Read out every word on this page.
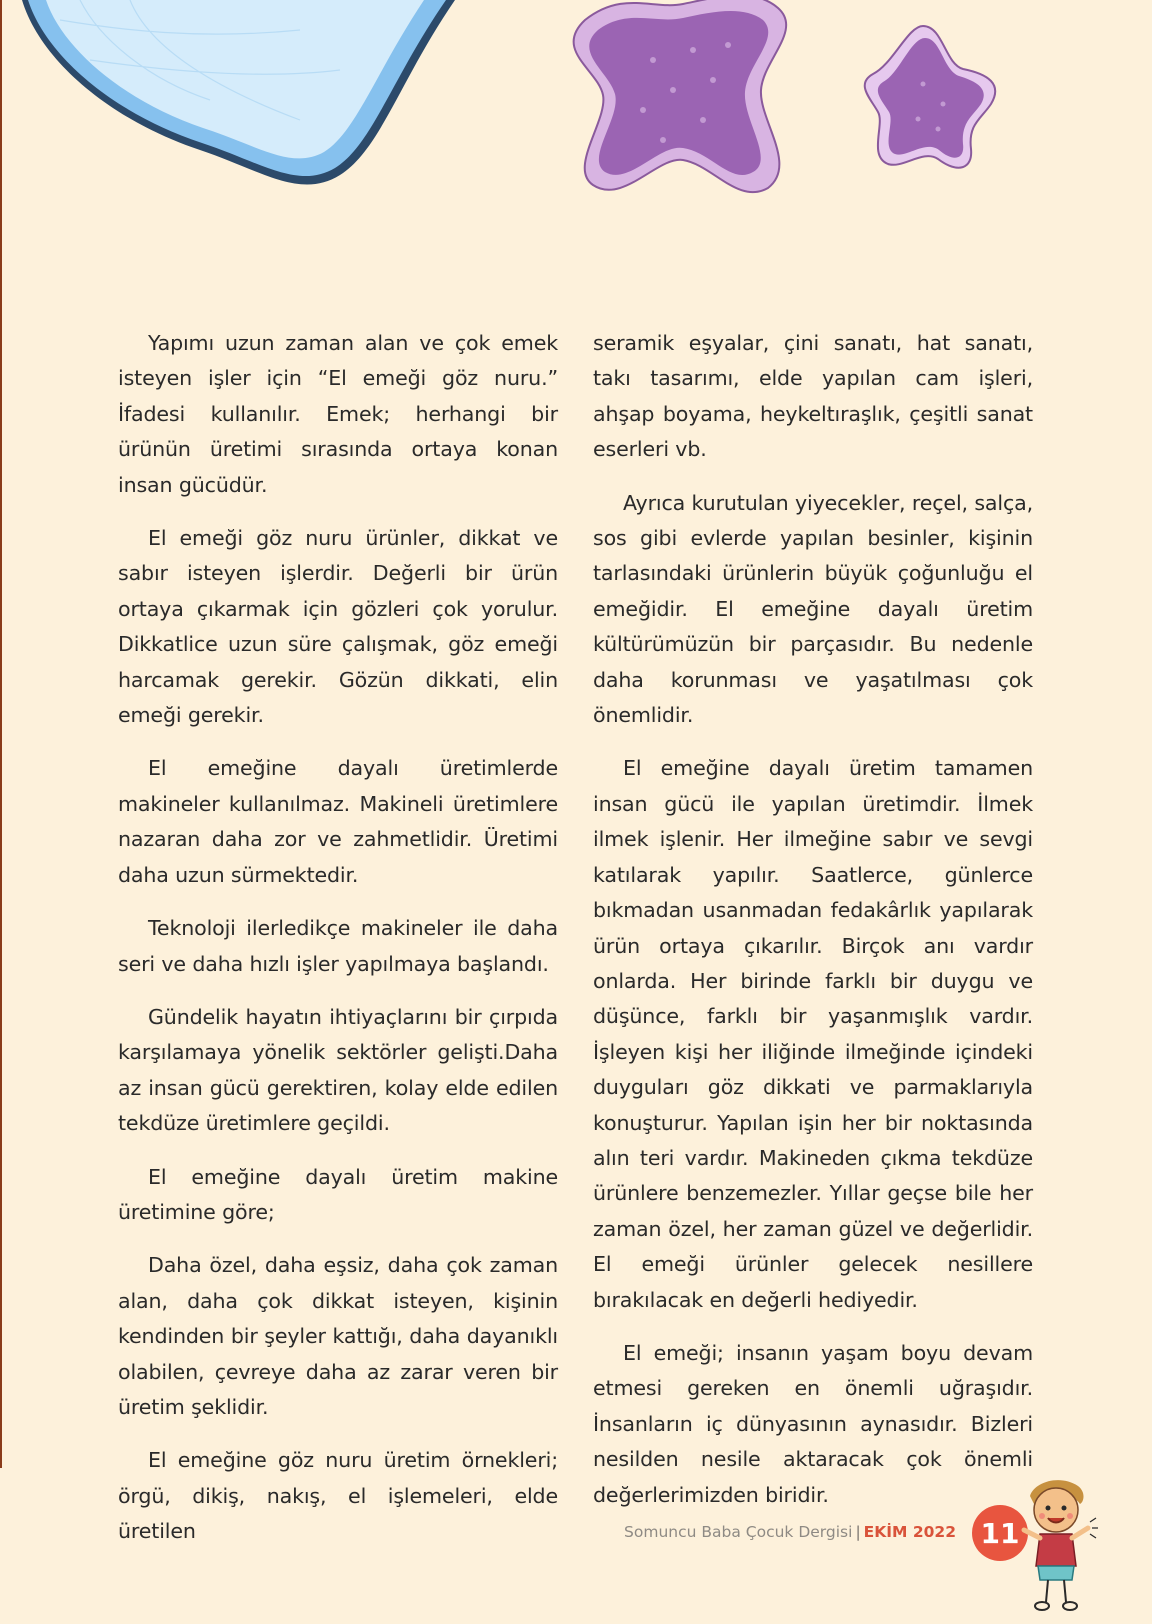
Yapımı uzun zaman alan ve çok emek isteyen işler için “El emeği göz nuru.” İfadesi kullanılır. Emek; herhangi bir ürünün üretimi sırasında ortaya konan insan gücüdür.

El emeği göz nuru ürünler, dikkat ve sabır isteyen işlerdir. Değerli bir ürün ortaya çıkarmak için gözleri çok yorulur. Dikkatlice uzun süre çalışmak, göz emeği harcamak gerekir. Gözün dikkati, elin emeği gerekir.

El emeğine dayalı üretimlerde makineler kullanılmaz. Makineli üretimlere nazaran daha zor ve zahmetlidir. Üretimi daha uzun sürmektedir.

Teknoloji ilerledikçe makineler ile daha seri ve daha hızlı işler yapılmaya başlandı.

Gündelik hayatın ihtiyaçlarını bir çırpıda karşılamaya yönelik sektörler gelişti.Daha az insan gücü gerektiren, kolay elde edilen tekdüze üretimlere geçildi.

El emeğine dayalı üretim makine üretimine göre;

Daha özel, daha eşsiz, daha çok zaman alan, daha çok dikkat isteyen, kişinin kendinden bir şeyler kattığı, daha dayanıklı olabilen, çevreye daha az zarar veren bir üretim şeklidir.

El emeğine göz nuru üretim örnekleri; örgü, dikiş, nakış, el işlemeleri, elde üretilen

seramik eşyalar, çini sanatı, hat sanatı, takı tasarımı, elde yapılan cam işleri, ahşap boyama, heykeltıraşlık, çeşitli sanat eserleri vb.

Ayrıca kurutulan yiyecekler, reçel, salça, sos gibi evlerde yapılan besinler, kişinin tarlasındaki ürünlerin büyük çoğunluğu el emeğidir. El emeğine dayalı üretim kültürümüzün bir parçasıdır. Bu nedenle daha korunması ve yaşatılması çok önemlidir.

El emeğine dayalı üretim tamamen insan gücü ile yapılan üretimdir. İlmek ilmek işlenir. Her ilmeğine sabır ve sevgi katılarak yapılır. Saatlerce, günlerce bıkmadan usanmadan fedakârlık yapılarak ürün ortaya çıkarılır. Birçok anı vardır onlarda. Her birinde farklı bir duygu ve düşünce, farklı bir yaşanmışlık vardır. İşleyen kişi her iliğinde ilmeğinde içindeki duyguları göz dikkati ve parmaklarıyla konuşturur. Yapılan işin her bir noktasında alın teri vardır. Makineden çıkma tekdüze ürünlere benzemezler. Yıllar geçse bile her zaman özel, her zaman güzel ve değerlidir. El emeği ürünler gelecek nesillere bırakılacak en değerli hediyedir.

El emeği; insanın yaşam boyu devam etmesi gereken en önemli uğraşıdır. İnsanların iç dünyasının aynasıdır. Bizleri nesilden nesile aktaracak çok önemli değerlerimizden biridir.

Somuncu Baba Çocuk Dergisi | EKİM 2022 11
